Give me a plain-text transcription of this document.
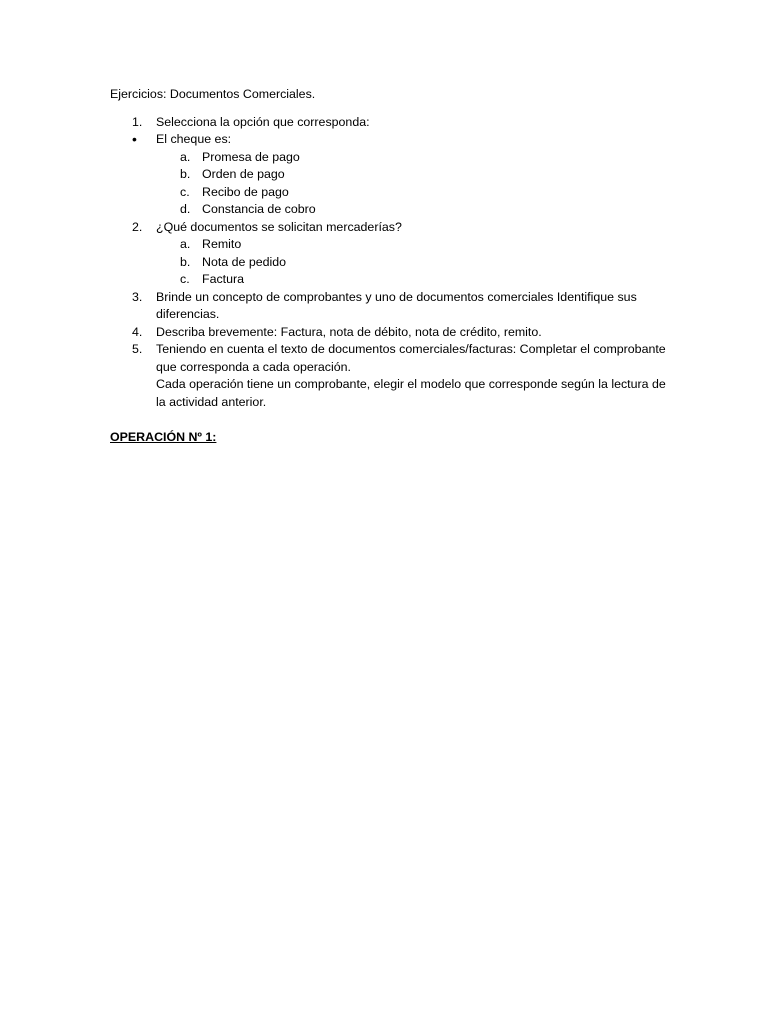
Ejercicios: Documentos Comerciales.
1.	Selecciona la opción que corresponda:
•	El cheque es:
a. Promesa de pago
b. Orden de pago
c. Recibo de pago
d. Constancia de cobro
2.	¿Qué documentos se solicitan mercaderías?
a. Remito
b. Nota de pedido
c. Factura
3.	Brinde un concepto de comprobantes y uno de documentos comerciales Identifique sus diferencias.
4.	Describa brevemente: Factura, nota de débito, nota de crédito, remito.
5.	Teniendo en cuenta el texto de documentos comerciales/facturas: Completar el comprobante que corresponda a cada operación.
Cada operación tiene un comprobante, elegir el modelo que corresponde según la lectura de la actividad anterior.
OPERACIÓN Nº 1:
